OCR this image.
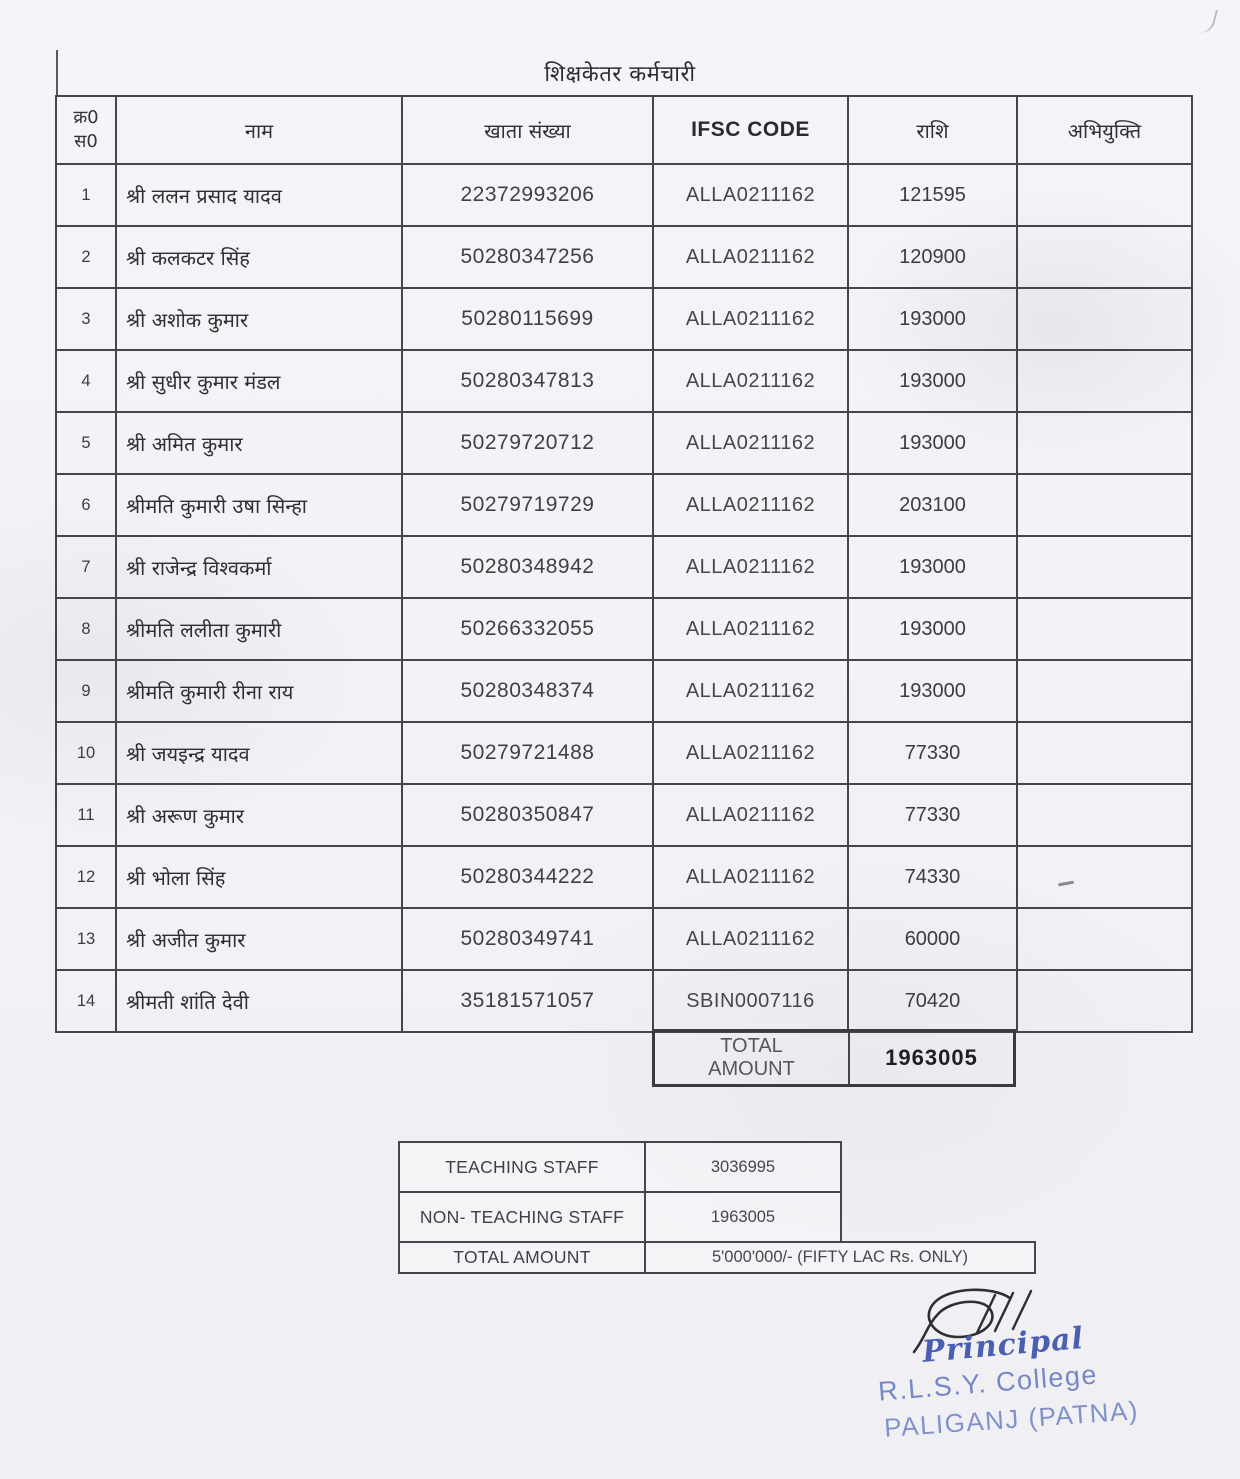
शिक्षकेतर कर्मचारी
क्र0
स0	नाम	खाता संख्या	IFSC CODE	राशि	अभियुक्ति
1	श्री ललन प्रसाद यादव	22372993206	ALLA0211162	121595	
2	श्री कलकटर सिंह	50280347256	ALLA0211162	120900	
3	श्री अशोक कुमार	50280115699	ALLA0211162	193000	
4	श्री सुधीर कुमार मंडल	50280347813	ALLA0211162	193000	
5	श्री अमित कुमार	50279720712	ALLA0211162	193000	
6	श्रीमति कुमारी उषा सिन्हा	50279719729	ALLA0211162	203100	
7	श्री राजेन्द्र विश्वकर्मा	50280348942	ALLA0211162	193000	
8	श्रीमति ललीता कुमारी	50266332055	ALLA0211162	193000	
9	श्रीमति कुमारी रीना राय	50280348374	ALLA0211162	193000	
10	श्री जयइन्द्र यादव	50279721488	ALLA0211162	77330	
11	श्री अरूण कुमार	50280350847	ALLA0211162	77330	
12	श्री भोला सिंह	50280344222	ALLA0211162	74330	
13	श्री अजीत कुमार	50280349741	ALLA0211162	60000	
14	श्रीमती शांति देवी	35181571057	SBIN0007116	70420	
TOTAL AMOUNT	1963005
TEACHING STAFF	3036995
NON- TEACHING STAFF	1963005
TOTAL AMOUNT	5'000'000/- (FIFTY LAC Rs. ONLY)
Principal
R.L.S.Y. College
PALIGANJ (PATNA)
